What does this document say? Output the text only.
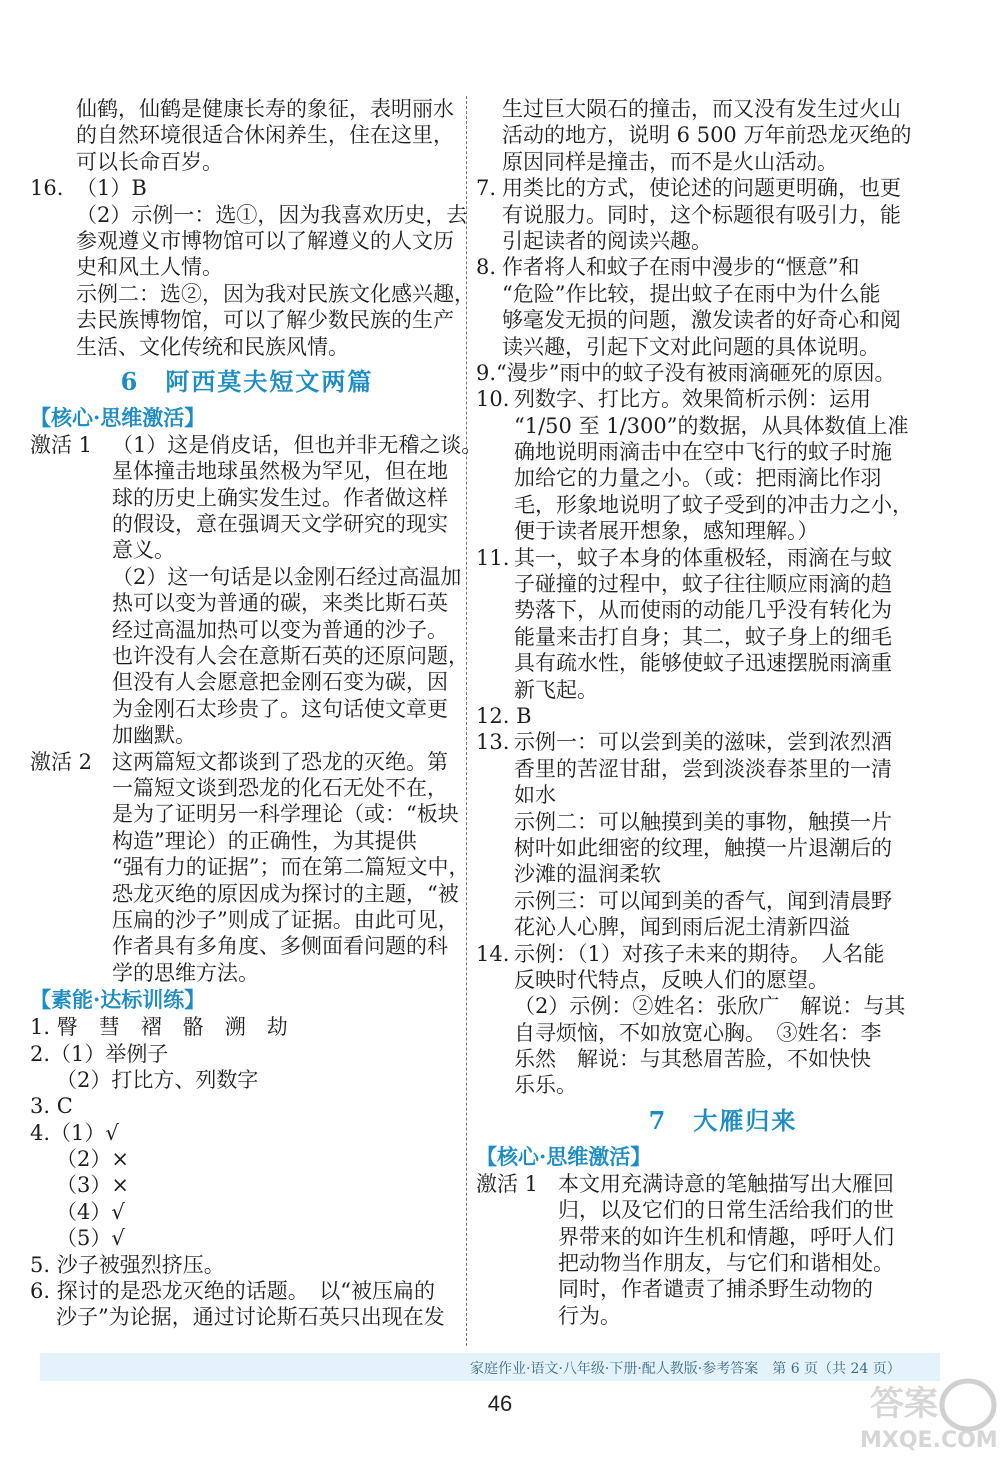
仙鹤，仙鹤是健康长寿的象征，表明丽水
的自然环境很适合休闲养生，住在这里，
可以长命百岁。
16. （1）B
（2）示例一：选①，因为我喜欢历史，去
参观遵义市博物馆可以了解遵义的人文历
史和风土人情。
示例二：选②，因为我对民族文化感兴趣，
去民族博物馆，可以了解少数民族的生产
生活、文化传统和民族风情。
6　阿西莫夫短文两篇
【核心·思维激活】
激活 1 （1）这是俏皮话，但也并非无稽之谈。
星体撞击地球虽然极为罕见，但在地
球的历史上确实发生过。作者做这样
的假设，意在强调天文学研究的现实
意义。
（2）这一句话是以金刚石经过高温加
热可以变为普通的碳，来类比斯石英
经过高温加热可以变为普通的沙子。
也许没有人会在意斯石英的还原问题，
但没有人会愿意把金刚石变为碳，因
为金刚石太珍贵了。这句话使文章更
加幽默。
激活 2 这两篇短文都谈到了恐龙的灭绝。第
一篇短文谈到恐龙的化石无处不在，
是为了证明另一科学理论（或：“板块
构造”理论）的正确性，为其提供
“强有力的证据”；而在第二篇短文中，
恐龙灭绝的原因成为探讨的主题，“被
压扁的沙子”则成了证据。由此可见，
作者具有多角度、多侧面看问题的科
学的思维方法。
【素能·达标训练】
1. 臀　彗　褶　骼　溯　劫
2.（1）举例子
（2）打比方、列数字
3. C
4.（1）√
（2）×
（3）×
（4）√
（5）√
5. 沙子被强烈挤压。
6. 探讨的是恐龙灭绝的话题。　以“被压扁的
沙子”为论据，通过讨论斯石英只出现在发
生过巨大陨石的撞击，而又没有发生过火山
活动的地方，说明 6 500 万年前恐龙灭绝的
原因同样是撞击，而不是火山活动。
7. 用类比的方式，使论述的问题更明确，也更
有说服力。同时，这个标题很有吸引力，能
引起读者的阅读兴趣。
8. 作者将人和蚊子在雨中漫步的“惬意”和
“危险”作比较，提出蚊子在雨中为什么能
够毫发无损的问题，激发读者的好奇心和阅
读兴趣，引起下文对此问题的具体说明。
9.“漫步”雨中的蚊子没有被雨滴砸死的原因。
10. 列数字、打比方。效果简析示例：运用
“1/50 至 1/300”的数据，从具体数值上准
确地说明雨滴击中在空中飞行的蚊子时施
加给它的力量之小。（或：把雨滴比作羽
毛，形象地说明了蚊子受到的冲击力之小，
便于读者展开想象，感知理解。）
11. 其一，蚊子本身的体重极轻，雨滴在与蚊
子碰撞的过程中，蚊子往往顺应雨滴的趋
势落下，从而使雨的动能几乎没有转化为
能量来击打自身；其二，蚊子身上的细毛
具有疏水性，能够使蚊子迅速摆脱雨滴重
新飞起。
12. B
13. 示例一：可以尝到美的滋味，尝到浓烈酒
香里的苦涩甘甜，尝到淡淡春茶里的一清
如水
示例二：可以触摸到美的事物，触摸一片
树叶如此细密的纹理，触摸一片退潮后的
沙滩的温润柔软
示例三：可以闻到美的香气，闻到清晨野
花沁人心脾，闻到雨后泥土清新四溢
14. 示例：（1）对孩子未来的期待。　人名能
反映时代特点，反映人们的愿望。
（2）示例：②姓名：张欣广　解说：与其
自寻烦恼，不如放宽心胸。　③姓名：李
乐然　解说：与其愁眉苦脸，不如快快
乐乐。
7　大雁归来
【核心·思维激活】
激活 1 本文用充满诗意的笔触描写出大雁回
归，以及它们的日常生活给我们的世
界带来的如许生机和情趣，呼吁人们
把动物当作朋友，与它们和谐相处。
同时，作者谴责了捕杀野生动物的
行为。
家庭作业·语文·八年级·下册·配人教版·参考答案　第 6 页（共 24 页）
46	答案
MXQE.COM
